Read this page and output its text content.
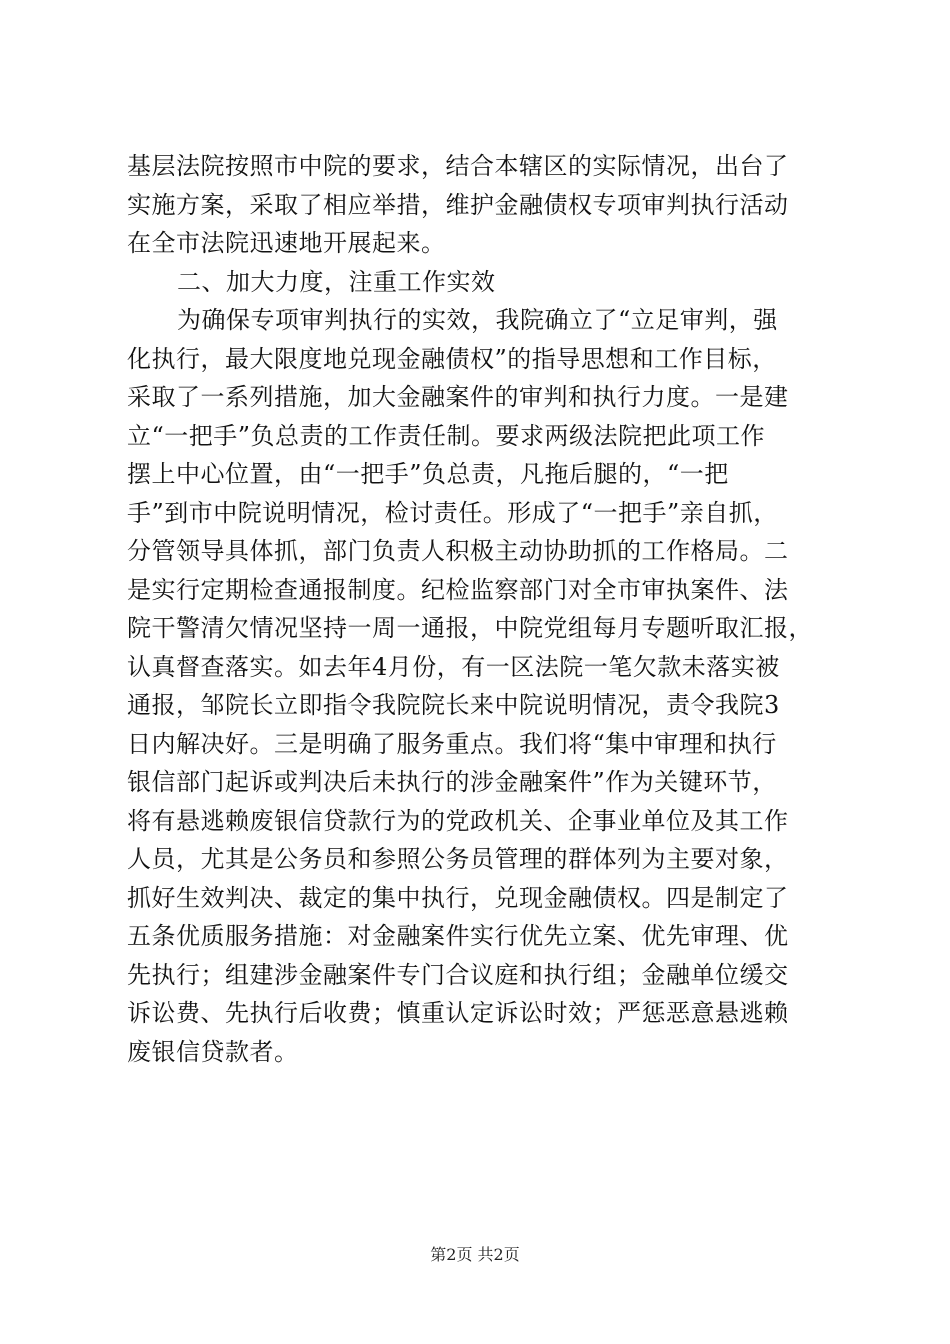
基层法院按照市中院的要求，结合本辖区的实际情况，出台了
实施方案，采取了相应举措，维护金融债权专项审判执行活动
在全市法院迅速地开展起来。
二、加大力度，注重工作实效
为确保专项审判执行的实效，我院确立了“立足审判，强
化执行，最大限度地兑现金融债权”的指导思想和工作目标，
采取了一系列措施，加大金融案件的审判和执行力度。一是建
立“一把手”负总责的工作责任制。要求两级法院把此项工作
摆上中心位置，由“一把手”负总责，凡拖后腿的，“一把
手”到市中院说明情况，检讨责任。形成了“一把手”亲自抓，
分管领导具体抓，部门负责人积极主动协助抓的工作格局。二
是实行定期检查通报制度。纪检监察部门对全市审执案件、法
院干警清欠情况坚持一周一通报，中院党组每月专题听取汇报，
认真督查落实。如去年4月份，有一区法院一笔欠款未落实被
通报，邹院长立即指令我院院长来中院说明情况，责令我院3
日内解决好。三是明确了服务重点。我们将“集中审理和执行
银信部门起诉或判决后未执行的涉金融案件”作为关键环节，
将有悬逃赖废银信贷款行为的党政机关、企事业单位及其工作
人员，尤其是公务员和参照公务员管理的群体列为主要对象，
抓好生效判决、裁定的集中执行，兑现金融债权。四是制定了
五条优质服务措施：对金融案件实行优先立案、优先审理、优
先执行；组建涉金融案件专门合议庭和执行组；金融单位缓交
诉讼费、先执行后收费；慎重认定诉讼时效；严惩恶意悬逃赖
废银信贷款者。
第2页 共2页
